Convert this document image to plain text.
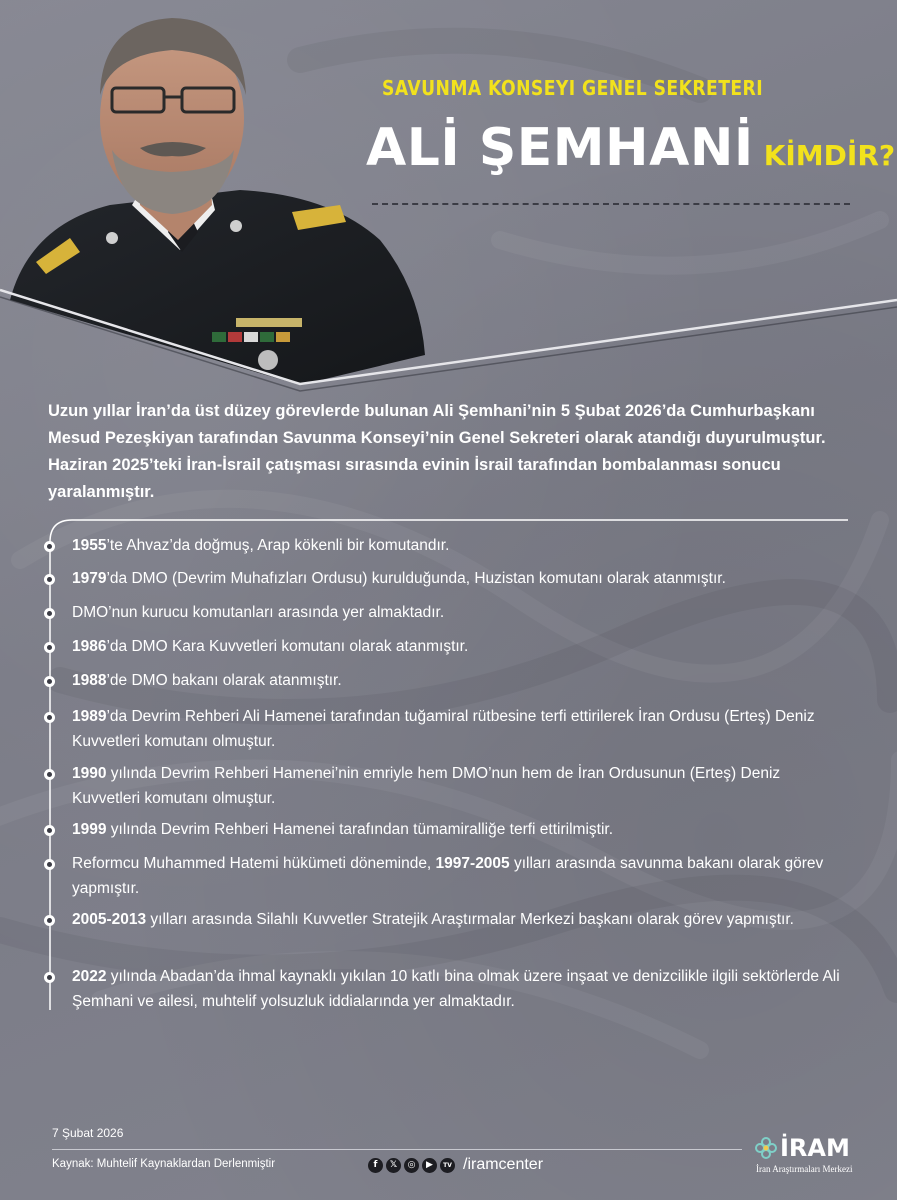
SAVUNMA KONSEYI GENEL SEKRETERI
ALİ ŞEMHANİ KİMDİR?
Uzun yıllar İran’da üst düzey görevlerde bulunan Ali Şemhani’nin 5 Şubat 2026’da Cumhurbaşkanı Mesud Pezeşkiyan tarafından Savunma Konseyi’nin Genel Sekreteri olarak atandığı duyurulmuştur. Haziran 2025’teki İran-İsrail çatışması sırasında evinin İsrail tarafından bombalanması sonucu yaralanmıştır.
1955’te Ahvaz’da doğmuş, Arap kökenli bir komutandır.
1979’da DMO (Devrim Muhafızları Ordusu) kurulduğunda, Huzistan komutanı olarak atanmıştır.
DMO’nun kurucu komutanları arasında yer almaktadır.
1986’da DMO Kara Kuvvetleri komutanı olarak atanmıştır.
1988’de DMO bakanı olarak atanmıştır.
1989’da Devrim Rehberi Ali Hamenei tarafından tuğamiral rütbesine terfi ettirilerek İran Ordusu (Erteş) Deniz Kuvvetleri komutanı olmuştur.
1990 yılında Devrim Rehberi Hamenei’nin emriyle hem DMO’nun hem de İran Ordusunun (Erteş) Deniz Kuvvetleri komutanı olmuştur.
1999 yılında Devrim Rehberi Hamenei tarafından tümamiralliğe terfi ettirilmiştir.
Reformcu Muhammed Hatemi hükümeti döneminde, 1997-2005 yılları arasında savunma bakanı olarak görev yapmıştır.
2005-2013 yılları arasında Silahlı Kuvvetler Stratejik Araştırmalar Merkezi başkanı olarak görev yapmıştır.
2022 yılında Abadan’da ihmal kaynaklı yıkılan 10 katlı bina olmak üzere inşaat ve denizcilikle ilgili sektörlerde Ali Şemhani ve ailesi, muhtelif yolsuzluk iddialarında yer almaktadır.
7 Şubat 2026
Kaynak: Muhtelif Kaynaklardan Derlenmiştir	f	𝕏	◎	▶	TV /iramcenter
İRAM
İran Araştırmaları Merkezi
